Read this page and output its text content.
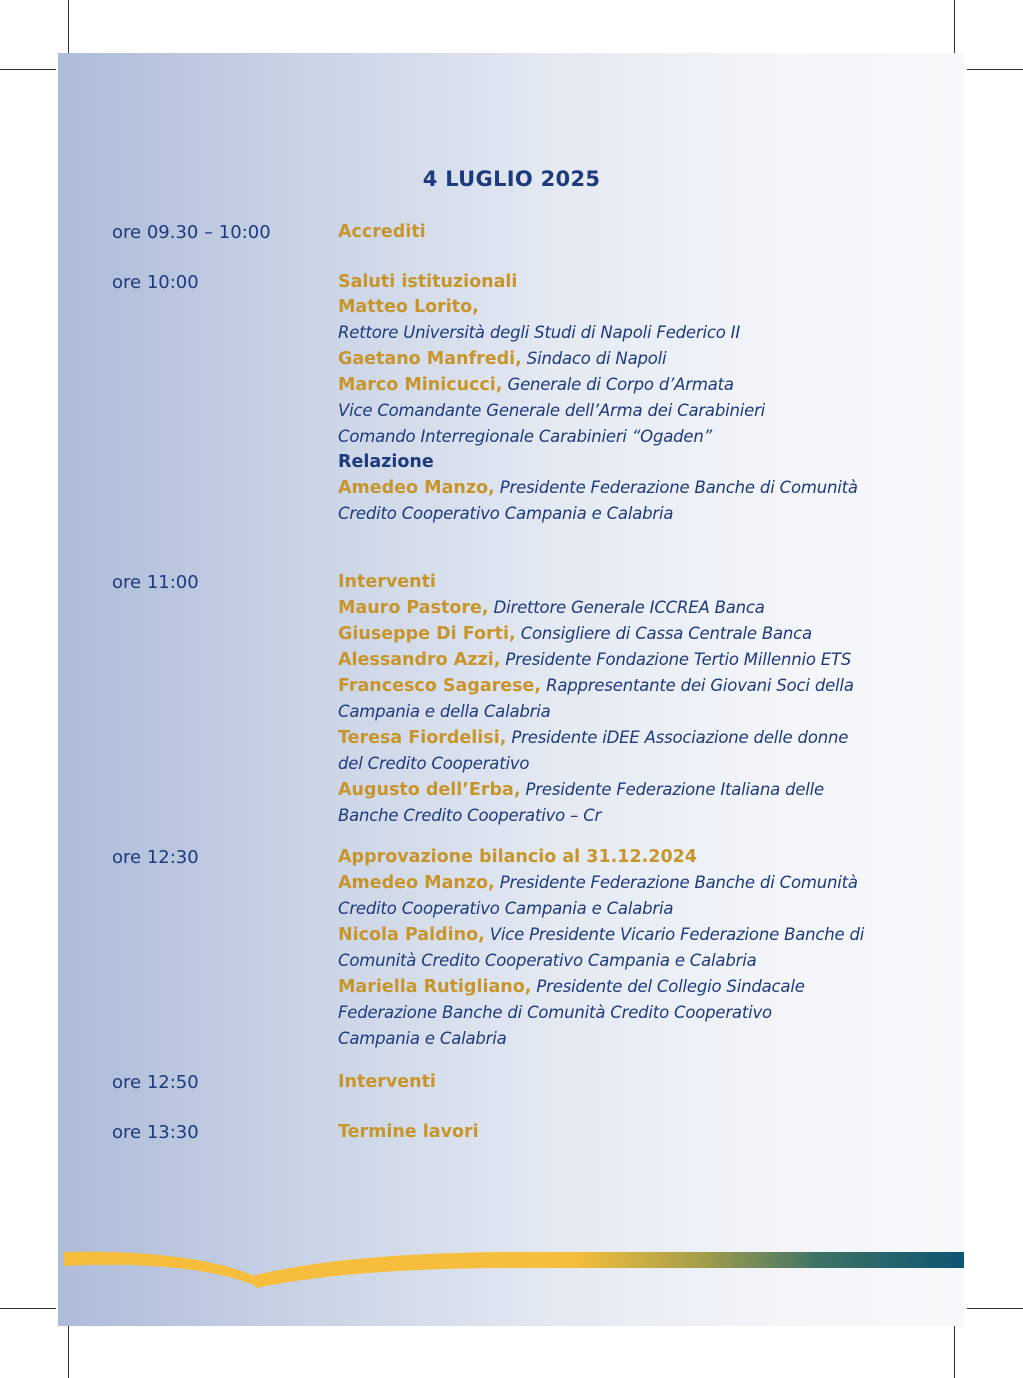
4 LUGLIO 2025
ore 09.30 – 10:00	Accrediti
ore 10:00	Saluti istituzionali
Matteo Lorito,
Rettore Università degli Studi di Napoli Federico II
Gaetano Manfredi, Sindaco di Napoli
Marco Minicucci, Generale di Corpo d’Armata
Vice Comandante Generale dell’Arma dei Carabinieri
Comando Interregionale Carabinieri “Ogaden”
Relazione
Amedeo Manzo, Presidente Federazione Banche di Comunità
Credito Cooperativo Campania e Calabria
ore 11:00	Interventi
Mauro Pastore, Direttore Generale ICCREA Banca
Giuseppe Di Forti, Consigliere di Cassa Centrale Banca
Alessandro Azzi, Presidente Fondazione Tertio Millennio ETS
Francesco Sagarese, Rappresentante dei Giovani Soci della
Campania e della Calabria
Teresa Fiordelisi, Presidente iDEE Associazione delle donne
del Credito Cooperativo
Augusto dell’Erba, Presidente Federazione Italiana delle
Banche Credito Cooperativo – Cr
ore 12:30	Approvazione bilancio al 31.12.2024
Amedeo Manzo, Presidente Federazione Banche di Comunità
Credito Cooperativo Campania e Calabria
Nicola Paldino, Vice Presidente Vicario Federazione Banche di
Comunità Credito Cooperativo Campania e Calabria
Mariella Rutigliano, Presidente del Collegio Sindacale
Federazione Banche di Comunità Credito Cooperativo
Campania e Calabria
ore 12:50	Interventi
ore 13:30	Termine lavori
